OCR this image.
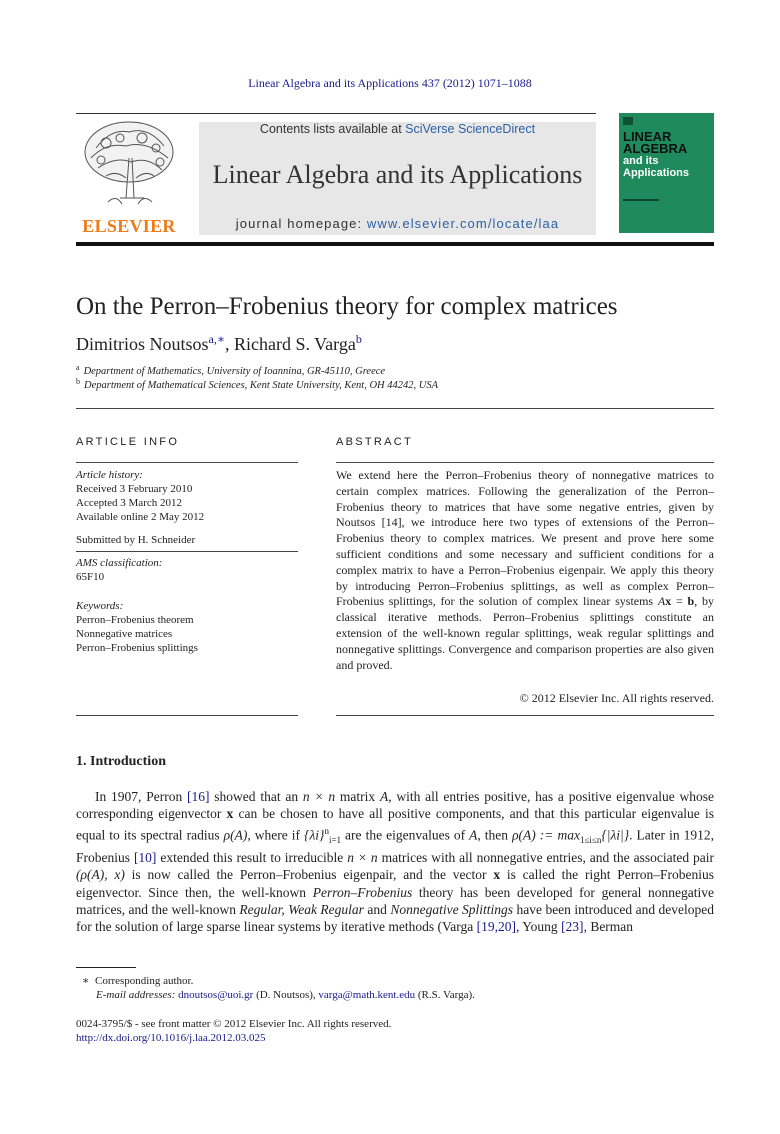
Linear Algebra and its Applications 437 (2012) 1071–1088
ELSEVIER
Contents lists available at SciVerse ScienceDirect
Linear Algebra and its Applications
journal homepage: www.elsevier.com/locate/laa
LINEAR
ALGEBRA
and its
Applications
On the Perron–Frobenius theory for complex matrices
Dimitrios Noutsos$^{a,∗}$, Richard S. Varga$^b$
$^a$ Department of Mathematics, University of Ioannina, GR-45110, Greece
$^b$ Department of Mathematical Sciences, Kent State University, Kent, OH 44242, USA
ARTICLE INFO
Article history:
Received 3 February 2010
Accepted 3 March 2012
Available online 2 May 2012
Submitted by H. Schneider
AMS classification:
65F10
Keywords:
Perron–Frobenius theorem
Nonnegative matrices
Perron–Frobenius splittings
ABSTRACT
We extend here the Perron–Frobenius theory of nonnegative matrices to certain complex matrices. Following the generalization of the Perron–Frobenius theory to matrices that have some negative entries, given by Noutsos [14], we introduce here two types of extensions of the Perron–Frobenius theory to complex matrices. We present and prove here some sufficient conditions and some necessary and sufficient conditions for a complex matrix to have a Perron–Frobenius eigenpair. We apply this theory by introducing Perron–Frobenius splittings, as well as complex Perron–Frobenius splittings, for the solution of complex linear systems Ax = b, by classical iterative methods. Perron–Frobenius splittings constitute an extension of the well-known regular splittings, weak regular splittings and nonnegative splittings. Convergence and comparison properties are also given and proved.
© 2012 Elsevier Inc. All rights reserved.
1. Introduction

In 1907, Perron [16] showed that an n × n matrix A, with all entries positive, has a positive eigenvalue whose corresponding eigenvector x can be chosen to have all positive components, and that this particular eigenvalue is equal to its spectral radius ρ(A), where if $\{\lambda i\}^n_{i=1}$ are the eigenvalues of A, then ρ(A) := $\max_{1\le i\le n}\{|\lambda i|\}$. Later in 1912, Frobenius [10] extended this result to irreducible n × n matrices with all nonnegative entries, and the associated pair (ρ(A), x) is now called the Perron–Frobenius eigenpair, and the vector x is called the right Perron–Frobenius eigenvector. Since then, the well-known Perron–Frobenius theory has been developed for general nonnegative matrices, and the well-known Regular, Weak Regular and Nonnegative Splittings have been introduced and developed for the solution of large sparse linear systems by iterative methods (Varga [19,20], Young [23], Berman

∗ Corresponding author.
E-mail addresses: dnoutsos@uoi.gr (D. Noutsos), varga@math.kent.edu (R.S. Varga).
0024-3795/$ - see front matter © 2012 Elsevier Inc. All rights reserved.
http://dx.doi.org/10.1016/j.laa.2012.03.025
